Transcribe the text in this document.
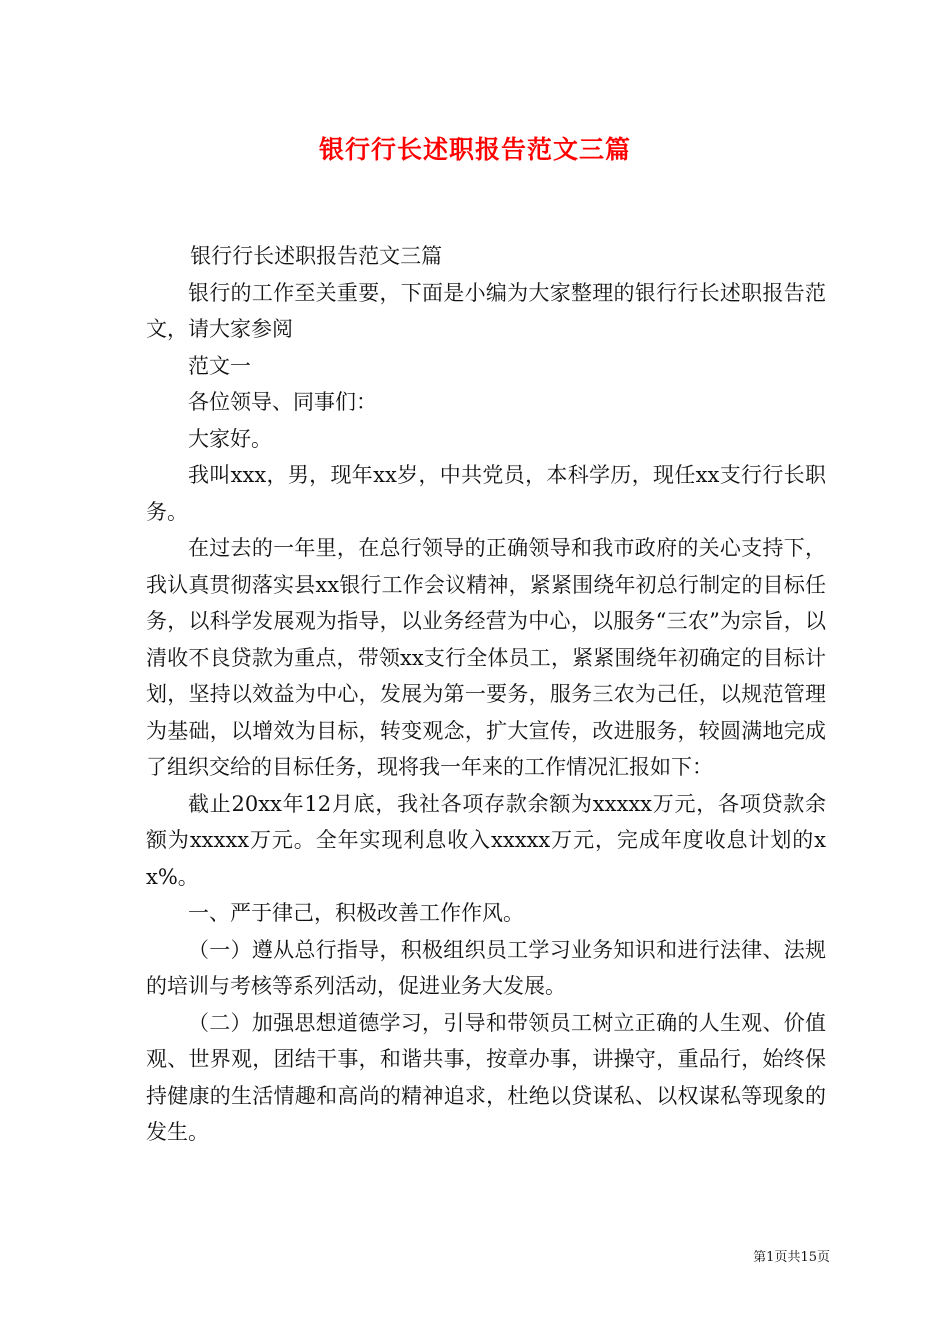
银行行长述职报告范文三篇

银行行长述职报告范文三篇

银行的工作至关重要，下面是小编为大家整理的银行行长述职报告范文，请大家参阅

范文一

各位领导、同事们：

大家好。

我叫xxx，男，现年xx岁，中共党员，本科学历，现任xx支行行长职务。

在过去的一年里，在总行领导的正确领导和我市政府的关心支持下，我认真贯彻落实县xx银行工作会议精神，紧紧围绕年初总行制定的目标任务，以科学发展观为指导，以业务经营为中心，以服务“三农”为宗旨，以清收不良贷款为重点，带领xx支行全体员工，紧紧围绕年初确定的目标计划，坚持以效益为中心，发展为第一要务，服务三农为己任，以规范管理为基础，以增效为目标，转变观念，扩大宣传，改进服务，较圆满地完成了组织交给的目标任务，现将我一年来的工作情况汇报如下：

截止20xx年12月底，我社各项存款余额为xxxxx万元，各项贷款余额为xxxxx万元。全年实现利息收入xxxxx万元，完成年度收息计划的xx%。

一、严于律己，积极改善工作作风。

（一）遵从总行指导，积极组织员工学习业务知识和进行法律、法规的培训与考核等系列活动，促进业务大发展。

（二）加强思想道德学习，引导和带领员工树立正确的人生观、价值观、世界观，团结干事，和谐共事，按章办事，讲操守，重品行，始终保持健康的生活情趣和高尚的精神追求，杜绝以贷谋私、以权谋私等现象的发生。

第1页共15页
